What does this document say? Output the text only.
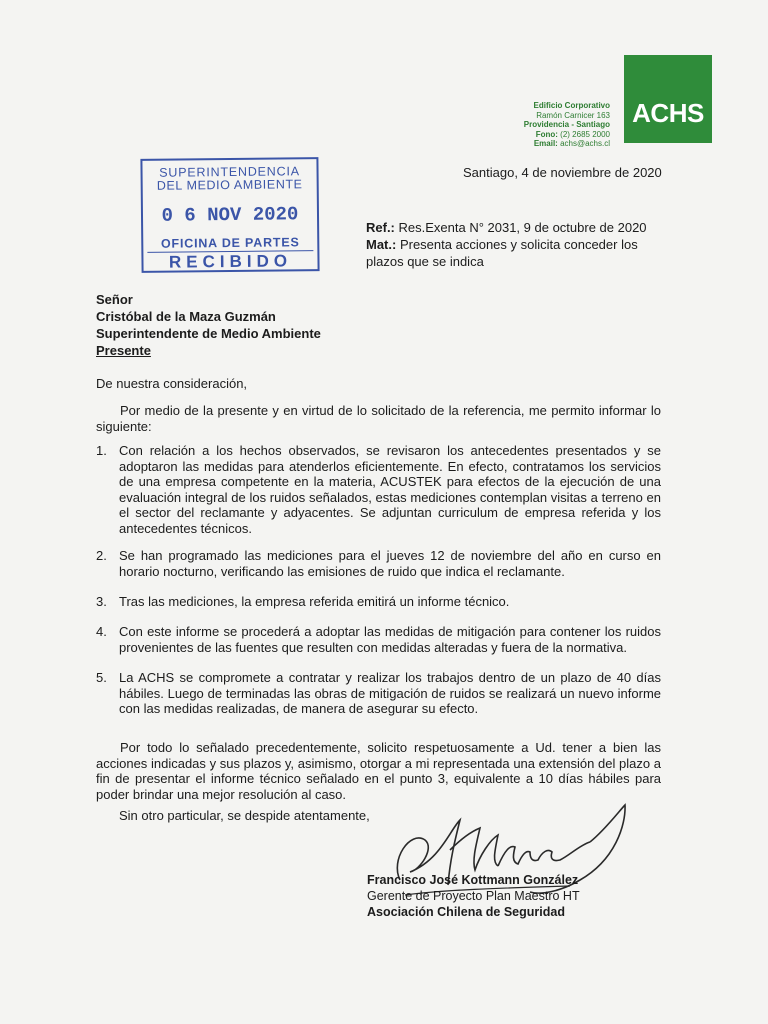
Edificio Corporativo
Ramón Carnicer 163
Providencia - Santiago
Fono: (2) 2685 2000
Email: achs@achs.cl
ACHS
SUPERINTENDENCIA
DEL MEDIO AMBIENTE
0 6 NOV 2020
OFICINA DE PARTES
RECIBIDO
Santiago, 4 de noviembre de 2020
Ref.: Res.Exenta N° 2031, 9 de octubre de 2020
Mat.: Presenta acciones y solicita conceder los plazos que se indica
Señor
Cristóbal de la Maza Guzmán
Superintendente de Medio Ambiente
Presente
De nuestra consideración,
Por medio de la presente y en virtud de lo solicitado de la referencia, me permito informar lo siguiente:
1. Con relación a los hechos observados, se revisaron los antecedentes presentados y se adoptaron las medidas para atenderlos eficientemente. En efecto, contratamos los servicios de una empresa competente en la materia, ACUSTEK para efectos de la ejecución de una evaluación integral de los ruidos señalados, estas mediciones contemplan visitas a terreno en el sector del reclamante y adyacentes. Se adjuntan curriculum de empresa referida y los antecedentes técnicos.
2. Se han programado las mediciones para el jueves 12 de noviembre del año en curso en horario nocturno, verificando las emisiones de ruido que indica el reclamante.
3. Tras las mediciones, la empresa referida emitirá un informe técnico.
4. Con este informe se procederá a adoptar las medidas de mitigación para contener los ruidos provenientes de las fuentes que resulten con medidas alteradas y fuera de la normativa.
5. La ACHS se compromete a contratar y realizar los trabajos dentro de un plazo de 40 días hábiles. Luego de terminadas las obras de mitigación de ruidos se realizará un nuevo informe con las medidas realizadas, de manera de asegurar su efecto.
Por todo lo señalado precedentemente, solicito respetuosamente a Ud. tener a bien las acciones indicadas y sus plazos y, asimismo, otorgar a mi representada una extensión del plazo a fin de presentar el informe técnico señalado en el punto 3, equivalente a 10 días hábiles para poder brindar una mejor resolución al caso.
Sin otro particular, se despide atentamente,
Francisco José Kottmann González
Gerente de Proyecto Plan Maestro HT
Asociación Chilena de Seguridad
